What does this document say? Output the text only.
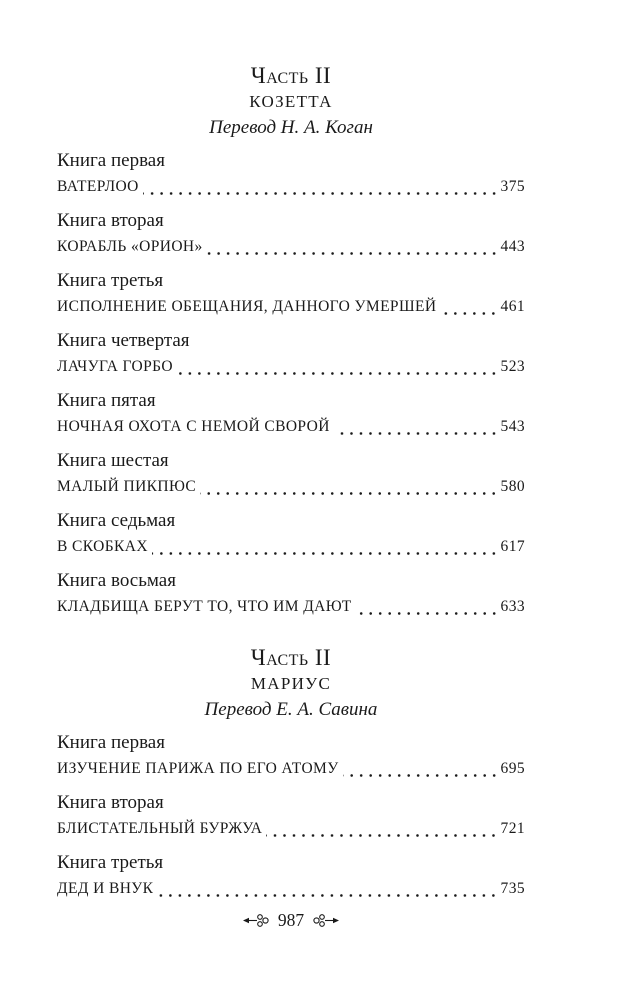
Часть II
КОЗЕТТА
Перевод Н. А. Коган
Книга первая
ВАТЕРЛОО	375
Книга вторая
КОРАБЛЬ «ОРИОН»	443
Книга третья
ИСПОЛНЕНИЕ ОБЕЩАНИЯ, ДАННОГО УМЕРШЕЙ	461
Книга четвертая
ЛАЧУГА ГОРБО	523
Книга пятая
НОЧНАЯ ОХОТА С НЕМОЙ СВОРОЙ	543
Книга шестая
МАЛЫЙ ПИКПЮС	580
Книга седьмая
В СКОБКАХ	617
Книга восьмая
КЛАДБИЩА БЕРУТ ТО, ЧТО ИМ ДАЮТ	633
Часть II
МАРИУС
Перевод Е. А. Савина
Книга первая
ИЗУЧЕНИЕ ПАРИЖА ПО ЕГО АТОМУ	695
Книга вторая
БЛИСТАТЕЛЬНЫЙ БУРЖУА	721
Книга третья
ДЕД И ВНУК	735
987
